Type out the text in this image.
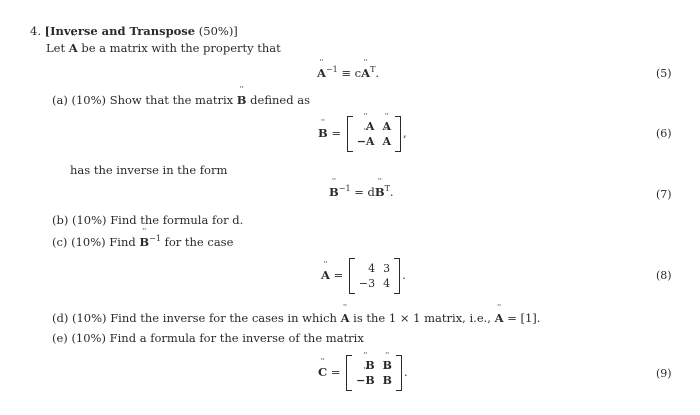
4. [Inverse and Transpose (50%)]
Let ¨ A be a matrix with the property that
¨ $A^{-1}$ ≡ c¨ $A^T$.	(5)
(a) (10%) Show that the matrix ¨ B defined as
¨ B =	¨ A ¨ A
¨ −A ¨ A
,	(6)
has the inverse in the form
¨ $B^{-1}$ = d¨ $B^T$.	(7)
(b) (10%) Find the formula for d.
(c) (10%) Find ¨ $B^{-1}$ for the case
¨ A =	4 3
−3 4
.	(8)
(d) (10%) Find the inverse for the cases in which ¨ A is the 1 × 1 matrix, i.e., ¨ A = [1].
(e) (10%) Find a formula for the inverse of the matrix
¨ C =	¨ B ¨ B
¨ −B ¨ B
.	(9)
